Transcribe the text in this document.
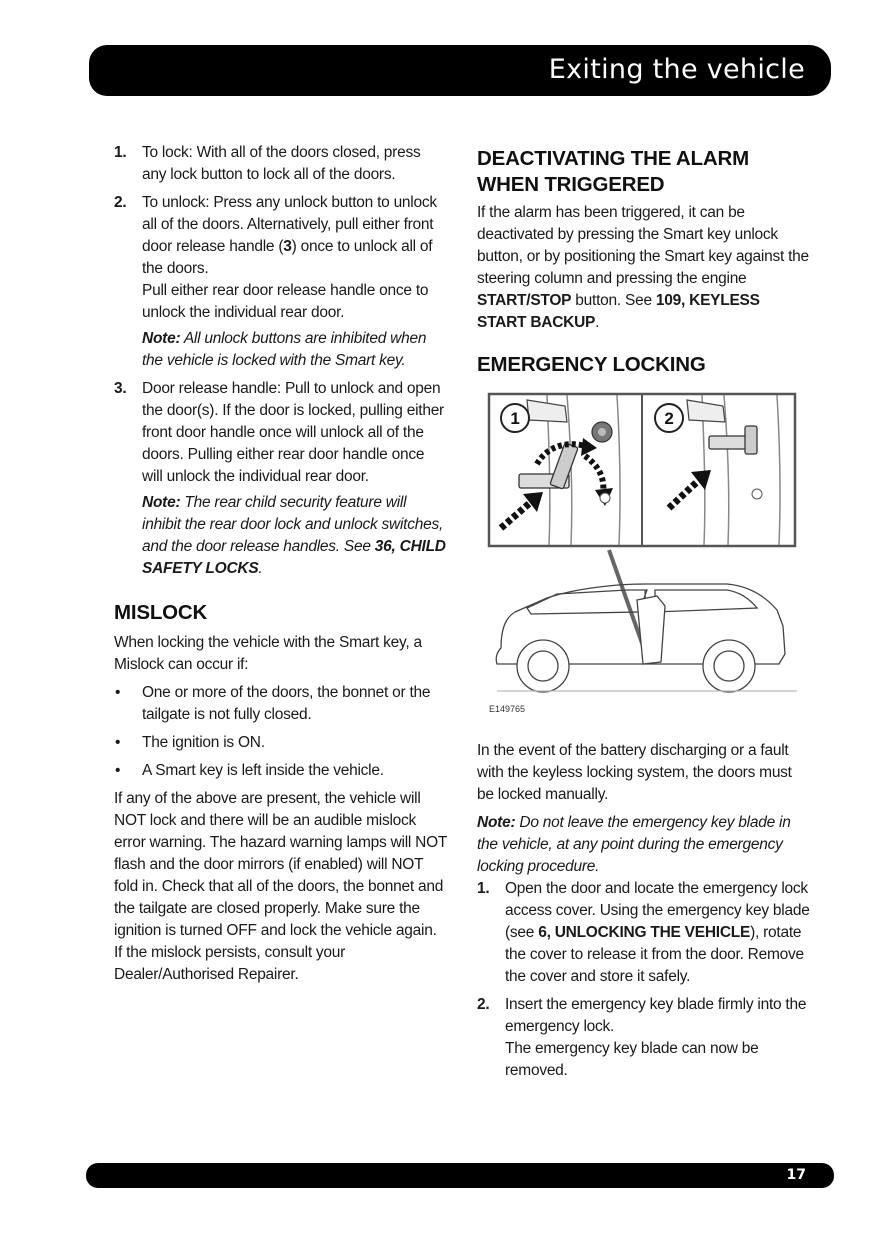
Exiting the vehicle
1. To lock: With all of the doors closed, press any lock button to lock all of the doors.
2. To unlock: Press any unlock button to unlock all of the doors. Alternatively, pull either front door release handle (3) once to unlock all of the doors.
Pull either rear door release handle once to unlock the individual rear door.
Note: All unlock buttons are inhibited when the vehicle is locked with the Smart key.
3. Door release handle: Pull to unlock and open the door(s). If the door is locked, pulling either front door handle once will unlock all of the doors. Pulling either rear door handle once will unlock the individual rear door.
Note: The rear child security feature will inhibit the rear door lock and unlock switches, and the door release handles. See 36, CHILD SAFETY LOCKS.
MISLOCK
When locking the vehicle with the Smart key, a Mislock can occur if:
• One or more of the doors, the bonnet or the tailgate is not fully closed.
• The ignition is ON.
• A Smart key is left inside the vehicle.
If any of the above are present, the vehicle will NOT lock and there will be an audible mislock error warning. The hazard warning lamps will NOT flash and the door mirrors (if enabled) will NOT fold in. Check that all of the doors, the bonnet and the tailgate are closed properly. Make sure the ignition is turned OFF and lock the vehicle again. If the mislock persists, consult your Dealer/Authorised Repairer.
DEACTIVATING THE ALARM WHEN TRIGGERED
If the alarm has been triggered, it can be deactivated by pressing the Smart key unlock button, or by positioning the Smart key against the steering column and pressing the engine START/STOP button. See 109, KEYLESS START BACKUP.
EMERGENCY LOCKING
1	2
E149765
In the event of the battery discharging or a fault with the keyless locking system, the doors must be locked manually.
Note: Do not leave the emergency key blade in the vehicle, at any point during the emergency locking procedure.
1. Open the door and locate the emergency lock access cover. Using the emergency key blade (see 6, UNLOCKING THE VEHICLE), rotate the cover to release it from the door. Remove the cover and store it safely.
2. Insert the emergency key blade firmly into the emergency lock.
The emergency key blade can now be removed.
17
